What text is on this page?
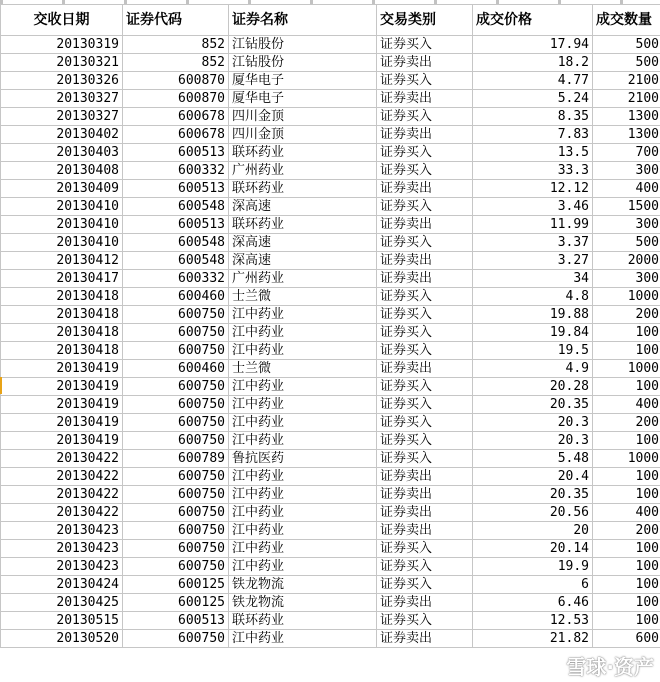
交收日期	证券代码	证券名称	交易类别	成交价格	成交数量
20130319	852	江钻股份	证券买入	17.94	500
20130321	852	江钻股份	证券卖出	18.2	500
20130326	600870	厦华电子	证券买入	4.77	2100
20130327	600870	厦华电子	证券卖出	5.24	2100
20130327	600678	四川金顶	证券买入	8.35	1300
20130402	600678	四川金顶	证券卖出	7.83	1300
20130403	600513	联环药业	证券买入	13.5	700
20130408	600332	广州药业	证券买入	33.3	300
20130409	600513	联环药业	证券卖出	12.12	400
20130410	600548	深高速	证券买入	3.46	1500
20130410	600513	联环药业	证券卖出	11.99	300
20130410	600548	深高速	证券买入	3.37	500
20130412	600548	深高速	证券卖出	3.27	2000
20130417	600332	广州药业	证券卖出	34	300
20130418	600460	士兰微	证券买入	4.8	1000
20130418	600750	江中药业	证券买入	19.88	200
20130418	600750	江中药业	证券买入	19.84	100
20130418	600750	江中药业	证券买入	19.5	100
20130419	600460	士兰微	证券卖出	4.9	1000
20130419	600750	江中药业	证券买入	20.28	100
20130419	600750	江中药业	证券买入	20.35	400
20130419	600750	江中药业	证券买入	20.3	200
20130419	600750	江中药业	证券买入	20.3	100
20130422	600789	鲁抗医药	证券买入	5.48	1000
20130422	600750	江中药业	证券卖出	20.4	100
20130422	600750	江中药业	证券卖出	20.35	100
20130422	600750	江中药业	证券卖出	20.56	400
20130423	600750	江中药业	证券卖出	20	200
20130423	600750	江中药业	证券买入	20.14	100
20130423	600750	江中药业	证券买入	19.9	100
20130424	600125	铁龙物流	证券买入	6	100
20130425	600125	铁龙物流	证券卖出	6.46	100
20130515	600513	联环药业	证券买入	12.53	100
20130520	600750	江中药业	证券卖出	21.82	600
雪球·资产
